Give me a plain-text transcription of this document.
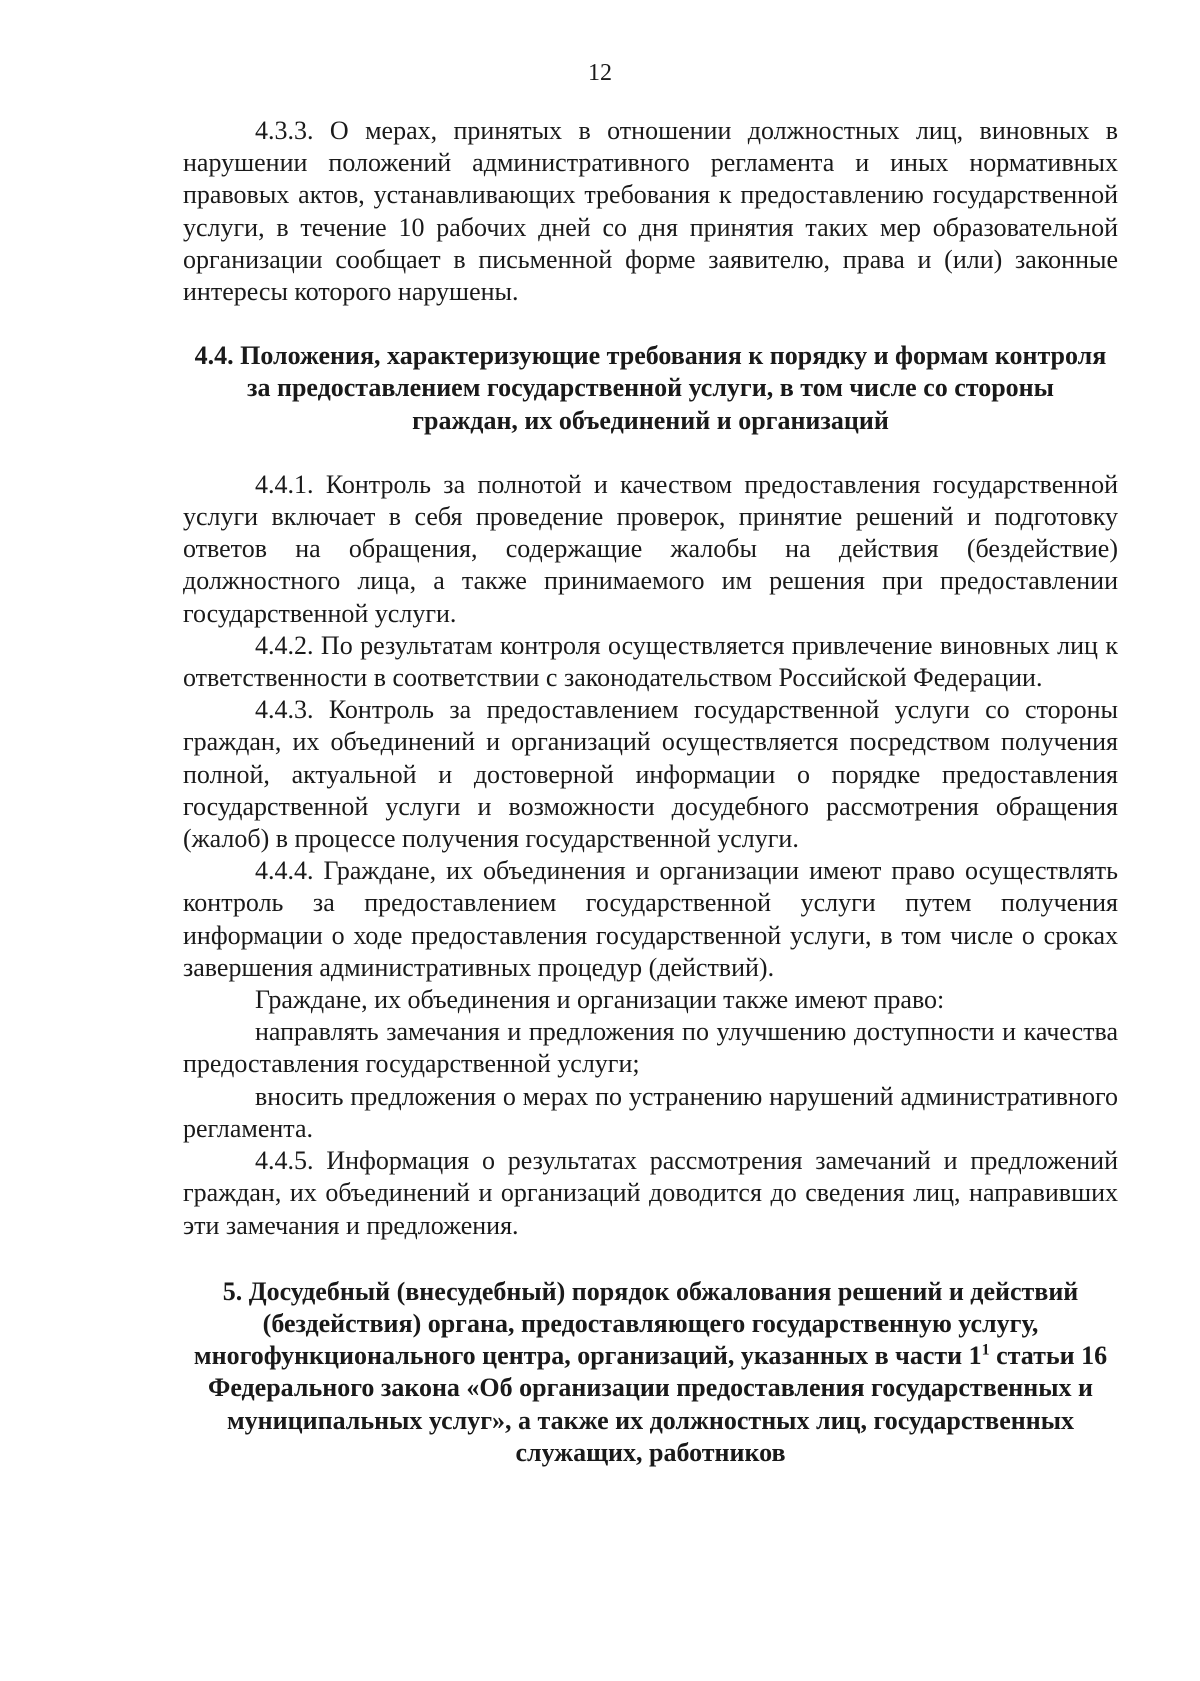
12

4.3.3. О мерах, принятых в отношении должностных лиц, виновных в нарушении положений административного регламента и иных нормативных правовых актов, устанавливающих требования к предоставлению государственной услуги, в течение 10 рабочих дней со дня принятия таких мер образовательной организации сообщает в письменной форме заявителю, права и (или) законные интересы которого нарушены.

4.4. Положения, характеризующие требования к порядку и формам контроля за предоставлением государственной услуги, в том числе со стороны граждан, их объединений и организаций

4.4.1. Контроль за полнотой и качеством предоставления государственной услуги включает в себя проведение проверок, принятие решений и подготовку ответов на обращения, содержащие жалобы на действия (бездействие) должностного лица, а также принимаемого им решения при предоставлении государственной услуги.

4.4.2. По результатам контроля осуществляется привлечение виновных лиц к ответственности в соответствии с законодательством Российской Федерации.

4.4.3. Контроль за предоставлением государственной услуги со стороны граждан, их объединений и организаций осуществляется посредством получения полной, актуальной и достоверной информации о порядке предоставления государственной услуги и возможности досудебного рассмотрения обращения (жалоб) в процессе получения государственной услуги.

4.4.4. Граждане, их объединения и организации имеют право осуществлять контроль за предоставлением государственной услуги путем получения информации о ходе предоставления государственной услуги, в том числе о сроках завершения административных процедур (действий).

Граждане, их объединения и организации также имеют право:

направлять замечания и предложения по улучшению доступности и качества предоставления государственной услуги;

вносить предложения о мерах по устранению нарушений административного регламента.

4.4.5. Информация о результатах рассмотрения замечаний и предложений граждан, их объединений и организаций доводится до сведения лиц, направивших эти замечания и предложения.

5. Досудебный (внесудебный) порядок обжалования решений и действий (бездействия) органа, предоставляющего государственную услугу, многофункционального центра, организаций, указанных в части $1^1$ статьи 16 Федерального закона «Об организации предоставления государственных и муниципальных услуг», а также их должностных лиц, государственных служащих, работников
